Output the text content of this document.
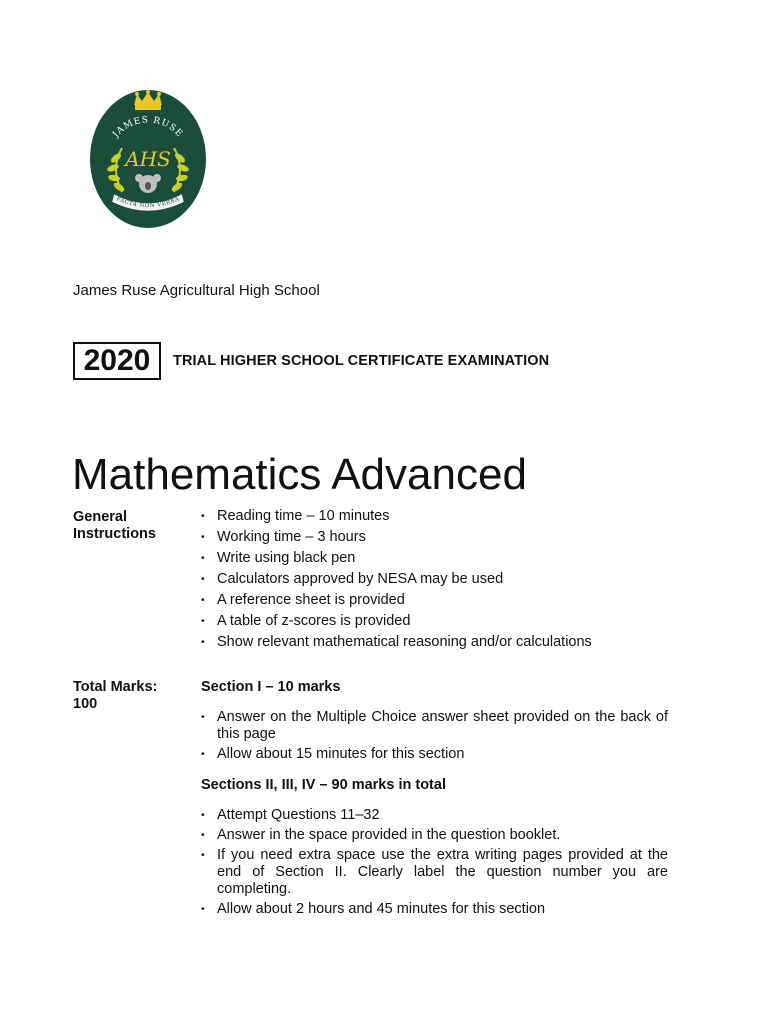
JAMES RUSE
AHS
FACTA NON VERBA
James Ruse Agricultural High School
2020	TRIAL HIGHER SCHOOL CERTIFICATE EXAMINATION
Mathematics Advanced
General
Instructions
• Reading time – 10 minutes
• Working time – 3 hours
• Write using black pen
• Calculators approved by NESA may be used
• A reference sheet is provided
• A table of z-scores is provided
• Show relevant mathematical reasoning and/or calculations
Total Marks:
100
Section I – 10 marks
• Answer on the Multiple Choice answer sheet provided on the back of this page
• Allow about 15 minutes for this section
Sections II, III, IV – 90 marks in total
• Attempt Questions 11–32
• Answer in the space provided in the question booklet.
• If you need extra space use the extra writing pages provided at the end of Section II. Clearly label the question number you are completing.
• Allow about 2 hours and 45 minutes for this section
